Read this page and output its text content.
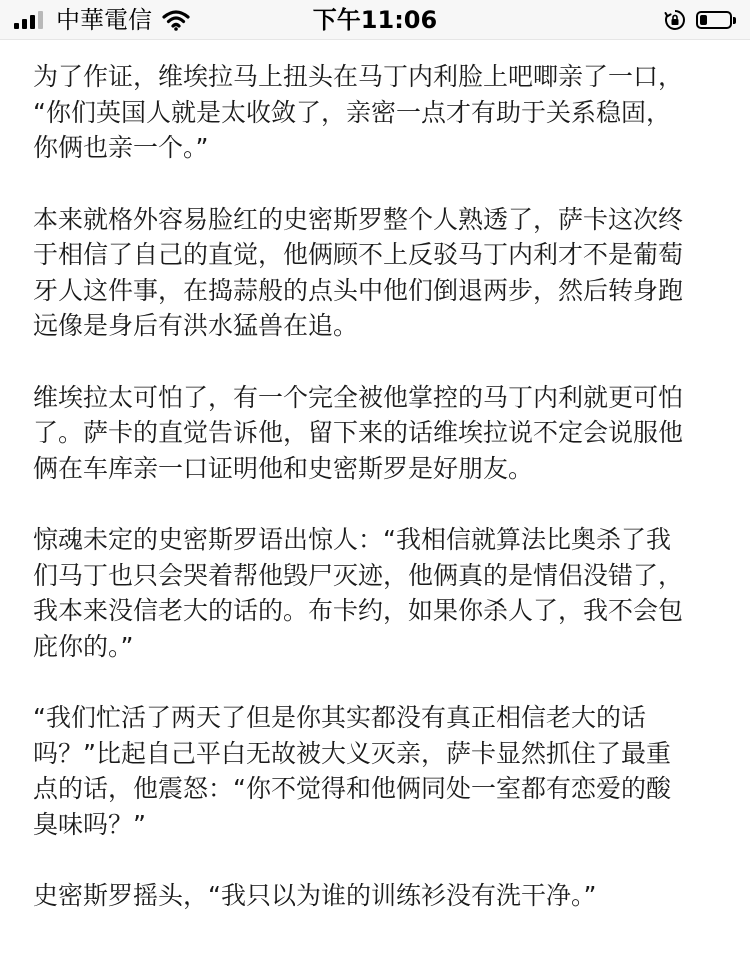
中華電信	下午11:06

为了作证，维埃拉马上扭头在马丁内利脸上吧唧亲了一口，
“你们英国人就是太收敛了，亲密一点才有助于关系稳固，
你俩也亲一个。”

本来就格外容易脸红的史密斯罗整个人熟透了，萨卡这次终
于相信了自己的直觉，他俩顾不上反驳马丁内利才不是葡萄
牙人这件事，在捣蒜般的点头中他们倒退两步，然后转身跑
远像是身后有洪水猛兽在追。

维埃拉太可怕了，有一个完全被他掌控的马丁内利就更可怕
了。萨卡的直觉告诉他，留下来的话维埃拉说不定会说服他
俩在车库亲一口证明他和史密斯罗是好朋友。

惊魂未定的史密斯罗语出惊人：“我相信就算法比奥杀了我
们马丁也只会哭着帮他毁尸灭迹，他俩真的是情侣没错了，
我本来没信老大的话的。布卡约，如果你杀人了，我不会包
庇你的。”

“我们忙活了两天了但是你其实都没有真正相信老大的话
吗？”比起自己平白无故被大义灭亲，萨卡显然抓住了最重
点的话，他震怒：“你不觉得和他俩同处一室都有恋爱的酸
臭味吗？”

史密斯罗摇头，“我只以为谁的训练衫没有洗干净。”
